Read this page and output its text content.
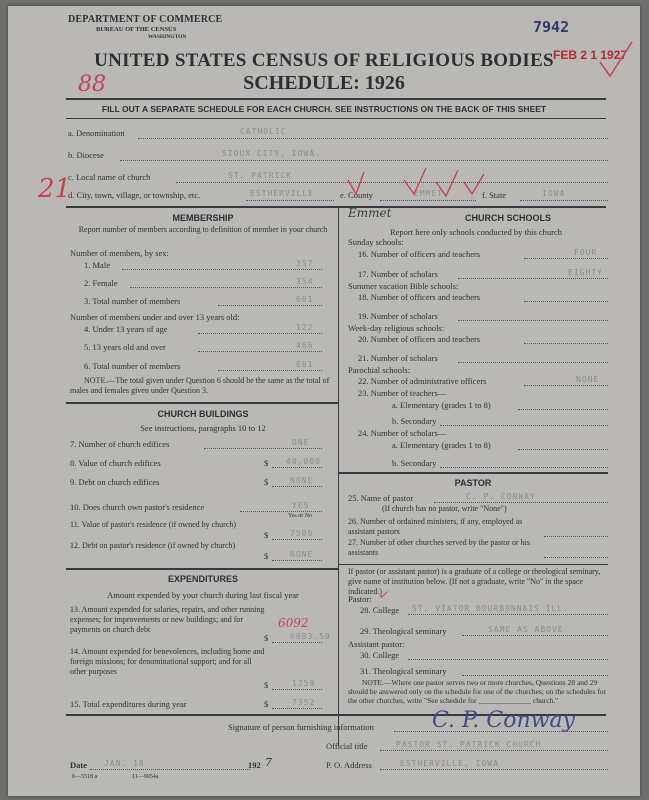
DEPARTMENT OF COMMERCE
BUREAU OF THE CENSUS
WASHINGTON
7942
FEB 2 1 1927
UNITED STATES CENSUS OF RELIGIOUS BODIES
88	SCHEDULE: 1926
FILL OUT A SEPARATE SCHEDULE FOR EACH CHURCH. SEE INSTRUCTIONS ON THE BACK OF THIS SHEET
a. Denomination	CATHOLIC
b. Diocese	SIOUX CITY, IOWA.
21
c. Local name of church	ST. PATRICK
d. City, town, village, or township, etc.	ESTHERVILLE	e. County	EMMET	f. State	IOWA
MEMBERSHIP
Report number of members according to definition of member in your church
Number of members, by sex:
1. Male	357
2. Female	354
3. Total number of members	661
Number of members under and over 13 years old:
4. Under 13 years of age	122
5. 13 years old and over	466
6. Total number of members	661
NOTE.—The total given under Question 6 should be the same as the total of males and females given under Question 3.
CHURCH BUILDINGS
See instructions, paragraphs 10 to 12
7. Number of church edifices	ONE
8. Value of church edifices	$ 40,000
9. Debt on church edifices	$	NONE
10. Does church own pastor's residence	YES
Yes or No
11. Value of pastor's residence (if owned by church)
$	7500
12. Debt on pastor's residence (if owned by church)
$	NONE
EXPENDITURES
Amount expended by your church during last fiscal year
13. Amount expended for salaries, repairs, and other running expenses; for improvements or new buildings; and for payments on church debt
$	6093.50
6092
14. Amount expended for benevolences, including home and foreign missions; for denominational support; and for all other purposes
$	1259
15. Total expenditures during year	$	7352
Emmet	CHURCH SCHOOLS
Report here only schools conducted by this church
Sunday schools:
16. Number of officers and teachers	FOUR
17. Number of scholars	EIGHTY
Summer vacation Bible schools:
18. Number of officers and teachers
19. Number of scholars
Week-day religious schools:
20. Number of officers and teachers
21. Number of scholars
Parochial schools:
22. Number of administrative officers	NONE
23. Number of teachers—
a. Elementary (grades 1 to 8)
b. Secondary
24. Number of scholars—
a. Elementary (grades 1 to 8)
b. Secondary
PASTOR
25. Name of pastor	C. P. CONWAY
(If church has no pastor, write "None")
26. Number of ordained ministers, if any, employed as assistant pastors
27. Number of other churches served by the pastor or his assistants
If pastor (or assistant pastor) is a graduate of a college or theological seminary, give name of institution below. (If not a graduate, write "No" in the space indicated.)
Pastor: ✓
28. College ST. VIATOR BOURBONNAIS ILL.
29. Theological seminary	SAME AS ABOVE
Assistant pastor:
30. College
31. Theological seminary
NOTE.—Where one pastor serves two or more churches, Questions 28 and 29 should be answered only on the schedule for one of the churches; on the schedules for the other churches, write "See schedule for ______________ church."
Signature of person furnishing information	C. P. Conway
Official title	PASTOR ST. PATRICK CHURCH
Date JAN. 18	192 7	P. O. Address	ESTHERVILLE, IOWA
8—5518 a	11—9054a
